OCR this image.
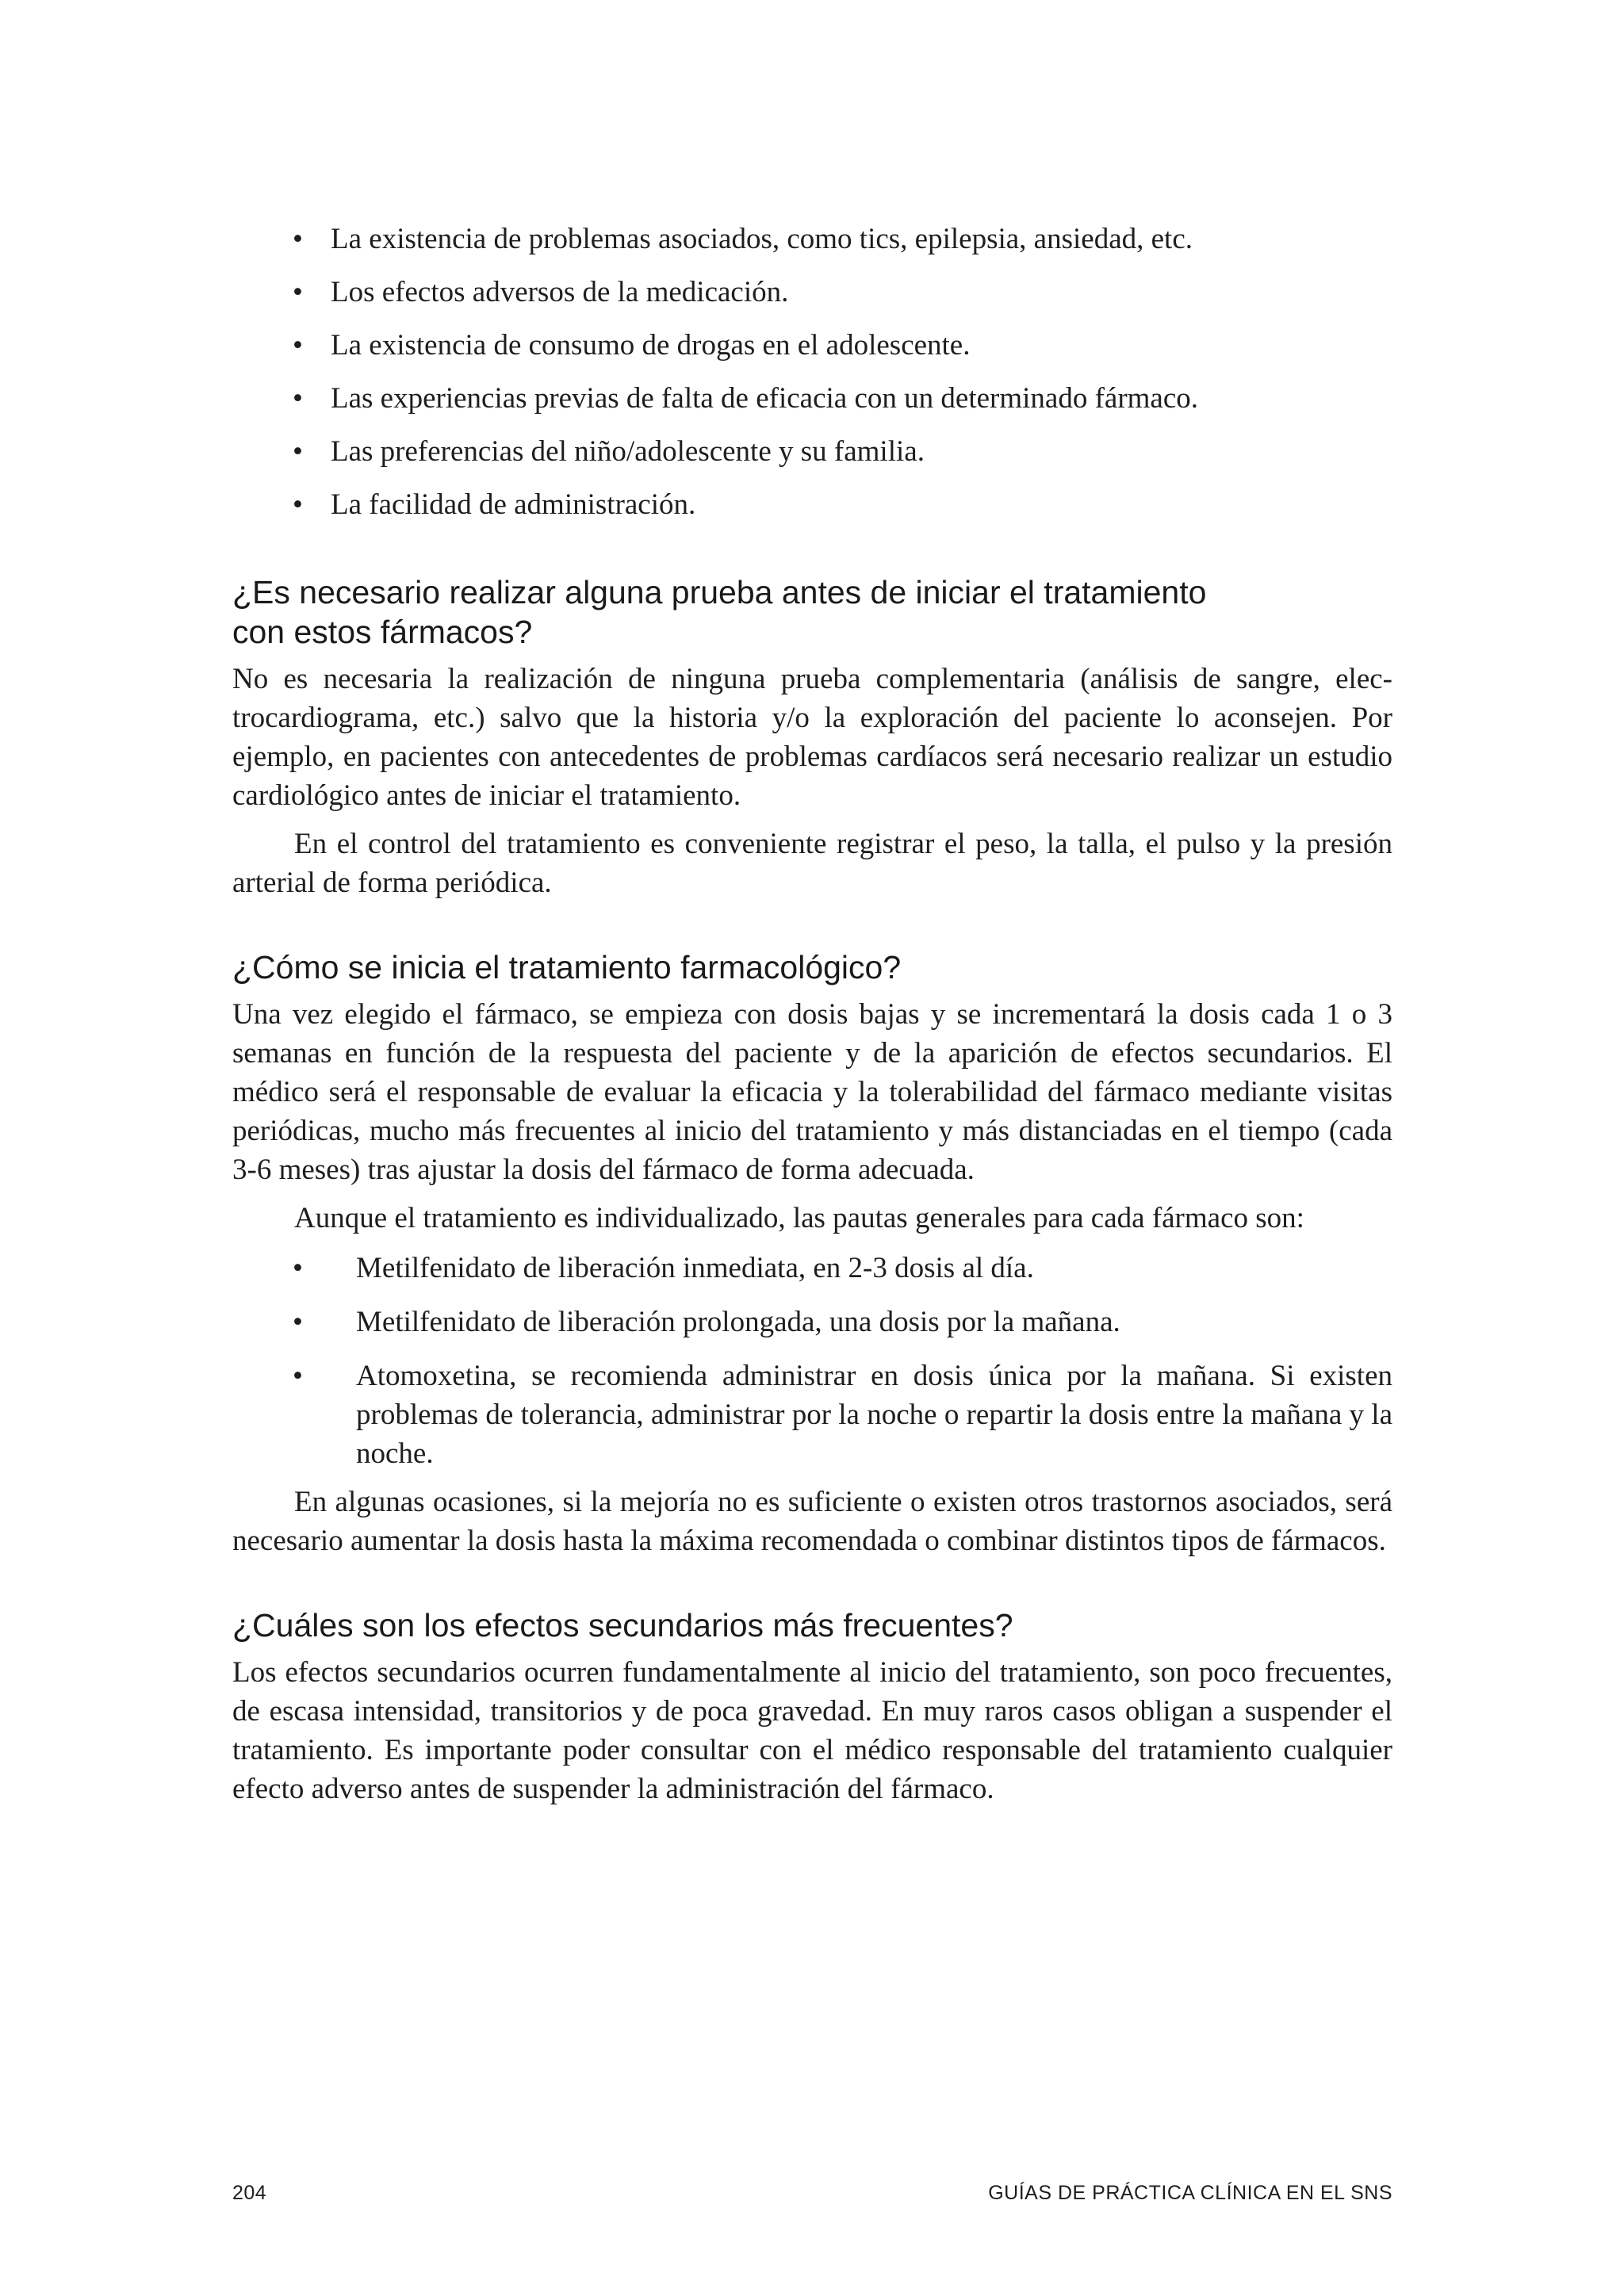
• La existencia de problemas asociados, como tics, epilepsia, ansiedad, etc.
• Los efectos adversos de la medicación.
• La existencia de consumo de drogas en el adolescente.
• Las experiencias previas de falta de eficacia con un determinado fármaco.
• Las preferencias del niño/adolescente y su familia.
• La facilidad de administración.
¿Es necesario realizar alguna prueba antes de iniciar el tratamiento
con estos fármacos?

No es necesaria la realización de ninguna prueba complementaria (análisis de sangre, electrocardiograma, etc.) salvo que la historia y/o la exploración del paciente lo aconsejen. Por ejemplo, en pacientes con antecedentes de problemas cardíacos será necesario realizar un estudio cardiológico antes de iniciar el tratamiento.

En el control del tratamiento es conveniente registrar el peso, la talla, el pulso y la presión arterial de forma periódica.

¿Cómo se inicia el tratamiento farmacológico?

Una vez elegido el fármaco, se empieza con dosis bajas y se incrementará la dosis cada 1 o 3 semanas en función de la respuesta del paciente y de la aparición de efectos secundarios. El médico será el responsable de evaluar la eficacia y la tolerabilidad del fármaco mediante visitas periódicas, mucho más frecuentes al inicio del tratamiento y más distanciadas en el tiempo (cada 3-6 meses) tras ajustar la dosis del fármaco de forma adecuada.

Aunque el tratamiento es individualizado, las pautas generales para cada fármaco son:

• Metilfenidato de liberación inmediata, en 2-3 dosis al día.
• Metilfenidato de liberación prolongada, una dosis por la mañana.
• Atomoxetina, se recomienda administrar en dosis única por la mañana. Si existen problemas de tolerancia, administrar por la noche o repartir la dosis entre la mañana y la noche.

En algunas ocasiones, si la mejoría no es suficiente o existen otros trastornos asociados, será necesario aumentar la dosis hasta la máxima recomendada o combinar distintos tipos de fármacos.

¿Cuáles son los efectos secundarios más frecuentes?

Los efectos secundarios ocurren fundamentalmente al inicio del tratamiento, son poco frecuentes, de escasa intensidad, transitorios y de poca gravedad. En muy raros casos obligan a suspender el tratamiento. Es importante poder consultar con el médico responsable del tratamiento cualquier efecto adverso antes de suspender la administración del fármaco.

204	GUÍAS DE PRÁCTICA CLÍNICA EN EL SNS
